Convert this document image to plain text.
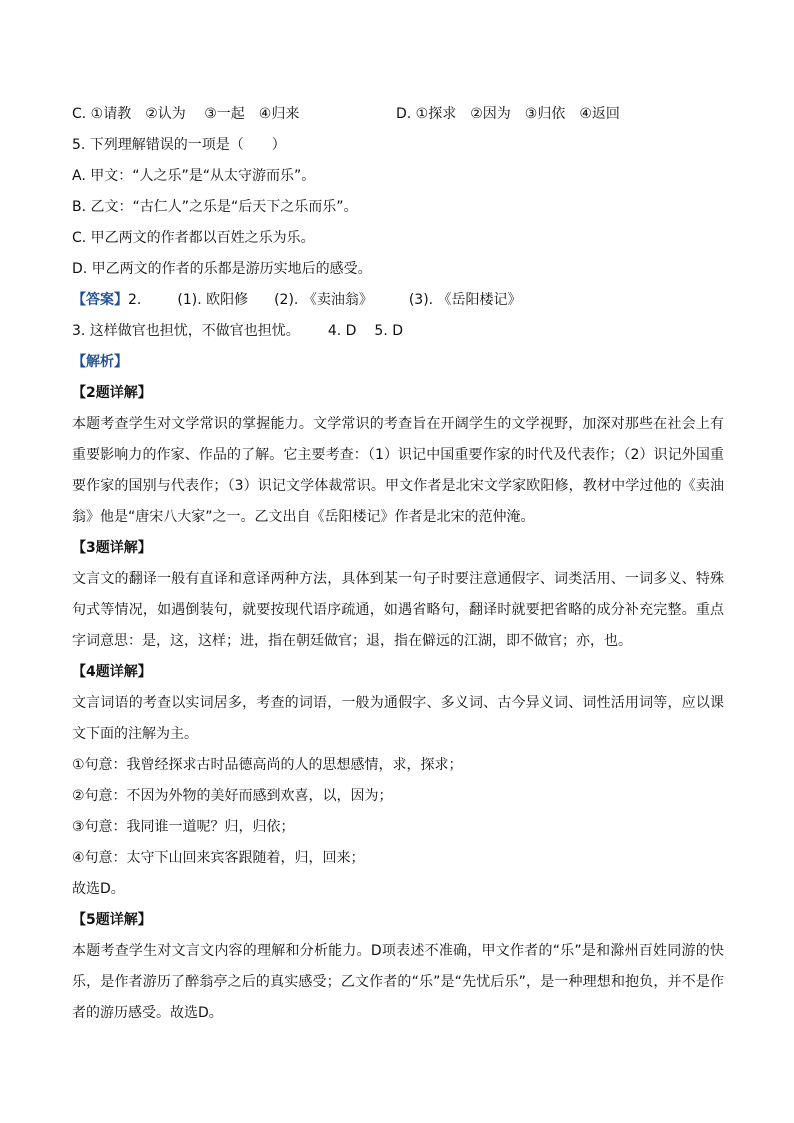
C. ①请教　②认为　 ③一起　④归来	D. ①探求　②因为　③归依　④返回
5. 下列理解错误的一项是（　　）
A. 甲文：“人之乐”是“从太守游而乐”。
B. 乙文：“古仁人”之乐是“后天下之乐而乐”。
C. 甲乙两文的作者都以百姓之乐为乐。
D. 甲乙两文的作者的乐都是游历实地后的感受。
【答案】2.	(1). 欧阳修 (2). 《卖油翁》	(3). 《岳阳楼记》
3. 这样做官也担忧，不做官也担忧。 4. D 5. D
【解析】
【2题详解】
本题考查学生对文学常识的掌握能力。文学常识的考查旨在开阔学生的文学视野，加深对那些在社会上有重要影响力的作家、作品的了解。它主要考查：（1）识记中国重要作家的时代及代表作；（2）识记外国重要作家的国别与代表作；（3）识记文学体裁常识。甲文作者是北宋文学家欧阳修，教材中学过他的《卖油翁》他是“唐宋八大家”之一。乙文出自《岳阳楼记》作者是北宋的范仲淹。
【3题详解】
文言文的翻译一般有直译和意译两种方法，具体到某一句子时要注意通假字、词类活用、一词多义、特殊句式等情况，如遇倒装句，就要按现代语序疏通，如遇省略句，翻译时就要把省略的成分补充完整。重点字词意思：是，这，这样；进，指在朝廷做官；退，指在僻远的江湖，即不做官；亦，也。
【4题详解】
文言词语的考查以实词居多，考查的词语，一般为通假字、多义词、古今异义词、词性活用词等，应以课文下面的注解为主。
①句意：我曾经探求古时品德高尚的人的思想感情，求，探求；
②句意：不因为外物的美好而感到欢喜，以，因为；
③句意：我同谁一道呢？归，归依；
④句意：太守下山回来宾客跟随着，归，回来；
故选D。
【5题详解】
本题考查学生对文言文内容的理解和分析能力。D项表述不准确，甲文作者的“乐”是和滁州百姓同游的快乐，是作者游历了醉翁亭之后的真实感受；乙文作者的“乐”是“先忧后乐”，是一种理想和抱负，并不是作者的游历感受。故选D。
